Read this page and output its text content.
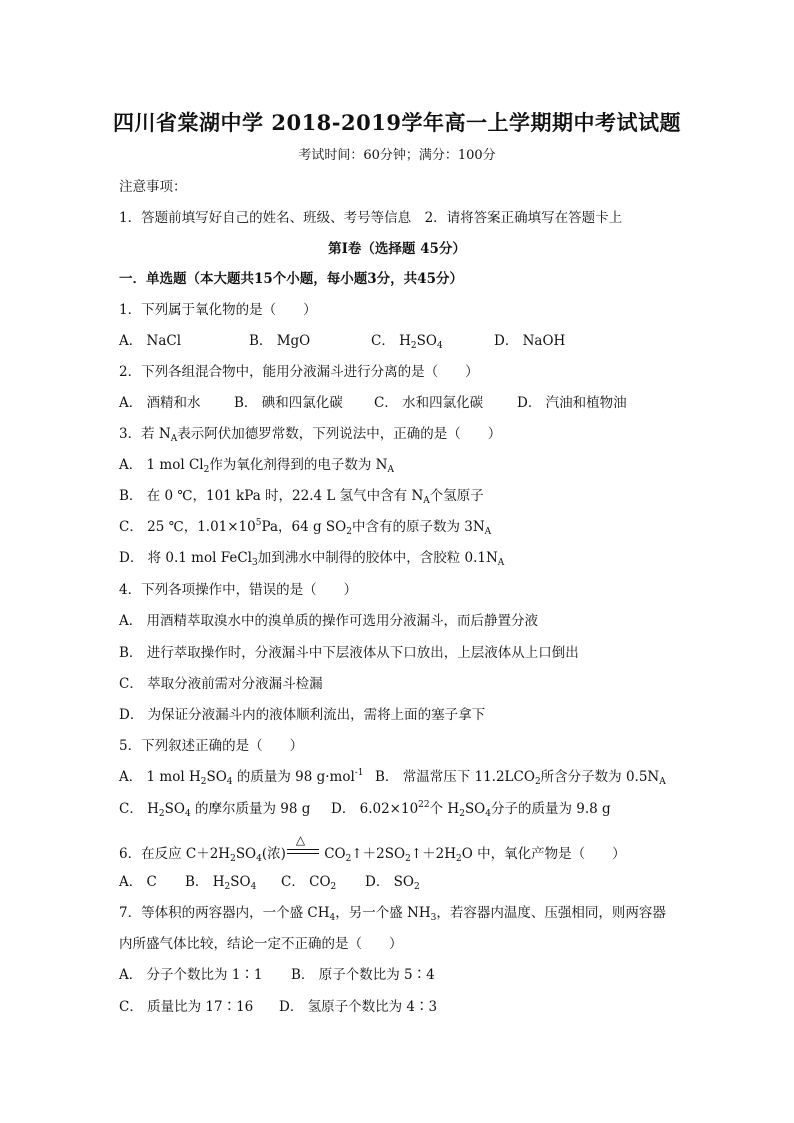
四川省棠湖中学 2018-2019学年高一上学期期中考试试题
考试时间：60分钟；满分：100分
注意事项：
1．答题前填写好自己的姓名、班级、考号等信息　2．请将答案正确填写在答题卡上
第Ⅰ卷（选择题 45分）
一．单选题（本大题共15个小题，每小题3分，共45分）
1．下列属于氧化物的是（　　）
A． NaCl	B． MgO	C． $H_2SO_4$	D． NaOH
2．下列各组混合物中，能用分液漏斗进行分离的是（　　）
A． 酒精和水 B． 碘和四氯化碳 C． 水和四氯化碳	D． 汽油和植物油
3．若 $N_A$表示阿伏加德罗常数，下列说法中，正确的是（　　）
A． 1 mol $Cl_2$作为氧化剂得到的电子数为 $N_A$
B． 在 0 ℃，101 kPa 时，22.4 L 氢气中含有 $N_A$个氢原子
C． 25 ℃，$1.01\times 10^5Pa$，64 g $SO_2$中含有的原子数为 $3N_A$
D． 将 0.1 mol FeCl$_3$加到沸水中制得的胶体中，含胶粒 $0.1N_A$
4．下列各项操作中，错误的是（　　）
A． 用酒精萃取溴水中的溴单质的操作可选用分液漏斗，而后静置分液
B． 进行萃取操作时，分液漏斗中下层液体从下口放出，上层液体从上口倒出
C． 萃取分液前需对分液漏斗检漏
D． 为保证分液漏斗内的液体顺利流出，需将上面的塞子拿下
5．下列叙述正确的是（　　）
A． 1 mol $H_2SO_4$ 的质量为 98 g·mol$^{-1}$ B． 常温常压下 $11.2LCO_2$所含分子数为 $0.5N_A$
C． $H_2SO_4$ 的摩尔质量为 98 g D． $6.02\times 10^{22}$个 $H_2SO_4$分子的质量为 9.8 g
6．在反应 $C+2H_2SO_4$(浓)
△
$CO_2↑+2SO_2↑+2H_2O$ 中，氧化产物是（　　）
A． C B． $H_2SO_4$ C． $CO_2$ D． $SO_2$
7．等体积的两容器内，一个盛 $CH_4$，另一个盛 $NH_3$，若容器内温度、压强相同，则两容器
内所盛气体比较，结论一定不正确的是（　　）
A． 分子个数比为 1∶1 B． 原子个数比为 5∶4
C． 质量比为 17∶16 D． 氢原子个数比为 4∶3
